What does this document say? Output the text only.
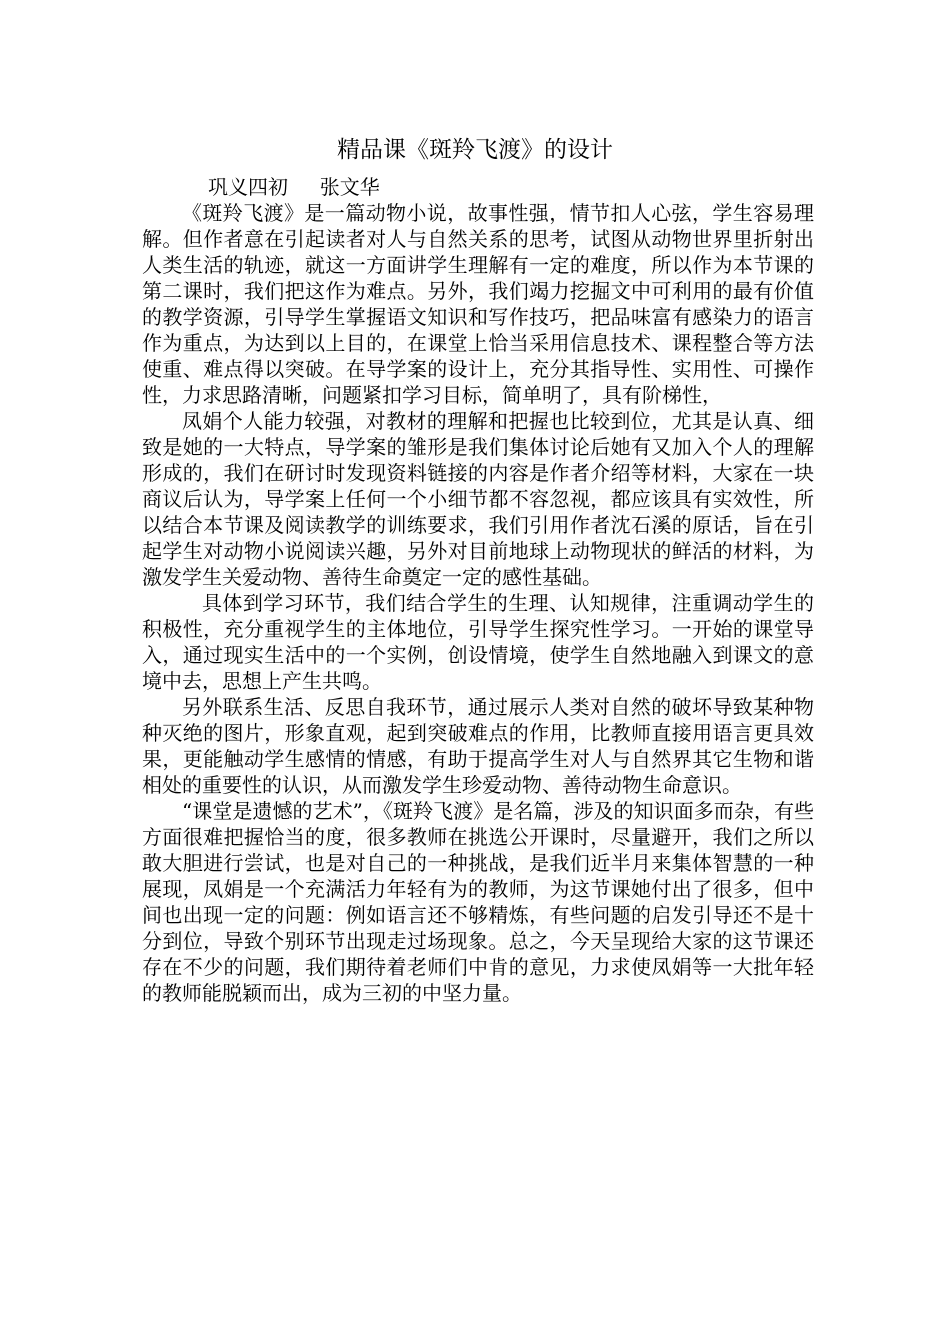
精品课《斑羚飞渡》的设计
巩义四初     张文华

《斑羚飞渡》是一篇动物小说，故事性强，情节扣人心弦，学生容易理解。但作者意在引起读者对人与自然关系的思考，试图从动物世界里折射出人类生活的轨迹，就这一方面讲学生理解有一定的难度，所以作为本节课的第二课时，我们把这作为难点。另外，我们竭力挖掘文中可利用的最有价值的教学资源，引导学生掌握语文知识和写作技巧，把品味富有感染力的语言作为重点，为达到以上目的，在课堂上恰当采用信息技术、课程整合等方法使重、难点得以突破。在导学案的设计上，充分其指导性、实用性、可操作性，力求思路清晰，问题紧扣学习目标，简单明了，具有阶梯性，

凤娟个人能力较强，对教材的理解和把握也比较到位，尤其是认真、细致是她的一大特点，导学案的雏形是我们集体讨论后她有又加入个人的理解形成的，我们在研讨时发现资料链接的内容是作者介绍等材料，大家在一块商议后认为，导学案上任何一个小细节都不容忽视，都应该具有实效性，所以结合本节课及阅读教学的训练要求，我们引用作者沈石溪的原话，旨在引起学生对动物小说阅读兴趣，另外对目前地球上动物现状的鲜活的材料，为激发学生关爱动物、善待生命奠定一定的感性基础。

具体到学习环节，我们结合学生的生理、认知规律，注重调动学生的积极性，充分重视学生的主体地位，引导学生探究性学习。一开始的课堂导入，通过现实生活中的一个实例，创设情境，使学生自然地融入到课文的意境中去，思想上产生共鸣。

另外联系生活、反思自我环节，通过展示人类对自然的破坏导致某种物种灭绝的图片，形象直观，起到突破难点的作用，比教师直接用语言更具效果，更能触动学生感情的情感，有助于提高学生对人与自然界其它生物和谐相处的重要性的认识，从而激发学生珍爱动物、善待动物生命意识。

“课堂是遗憾的艺术”，《斑羚飞渡》是名篇，涉及的知识面多而杂，有些方面很难把握恰当的度，很多教师在挑选公开课时，尽量避开，我们之所以敢大胆进行尝试，也是对自己的一种挑战，是我们近半月来集体智慧的一种展现，凤娟是一个充满活力年轻有为的教师，为这节课她付出了很多，但中间也出现一定的问题：例如语言还不够精炼，有些问题的启发引导还不是十分到位，导致个别环节出现走过场现象。总之，今天呈现给大家的这节课还存在不少的问题，我们期待着老师们中肯的意见，力求使凤娟等一大批年轻的教师能脱颖而出，成为三初的中坚力量。
